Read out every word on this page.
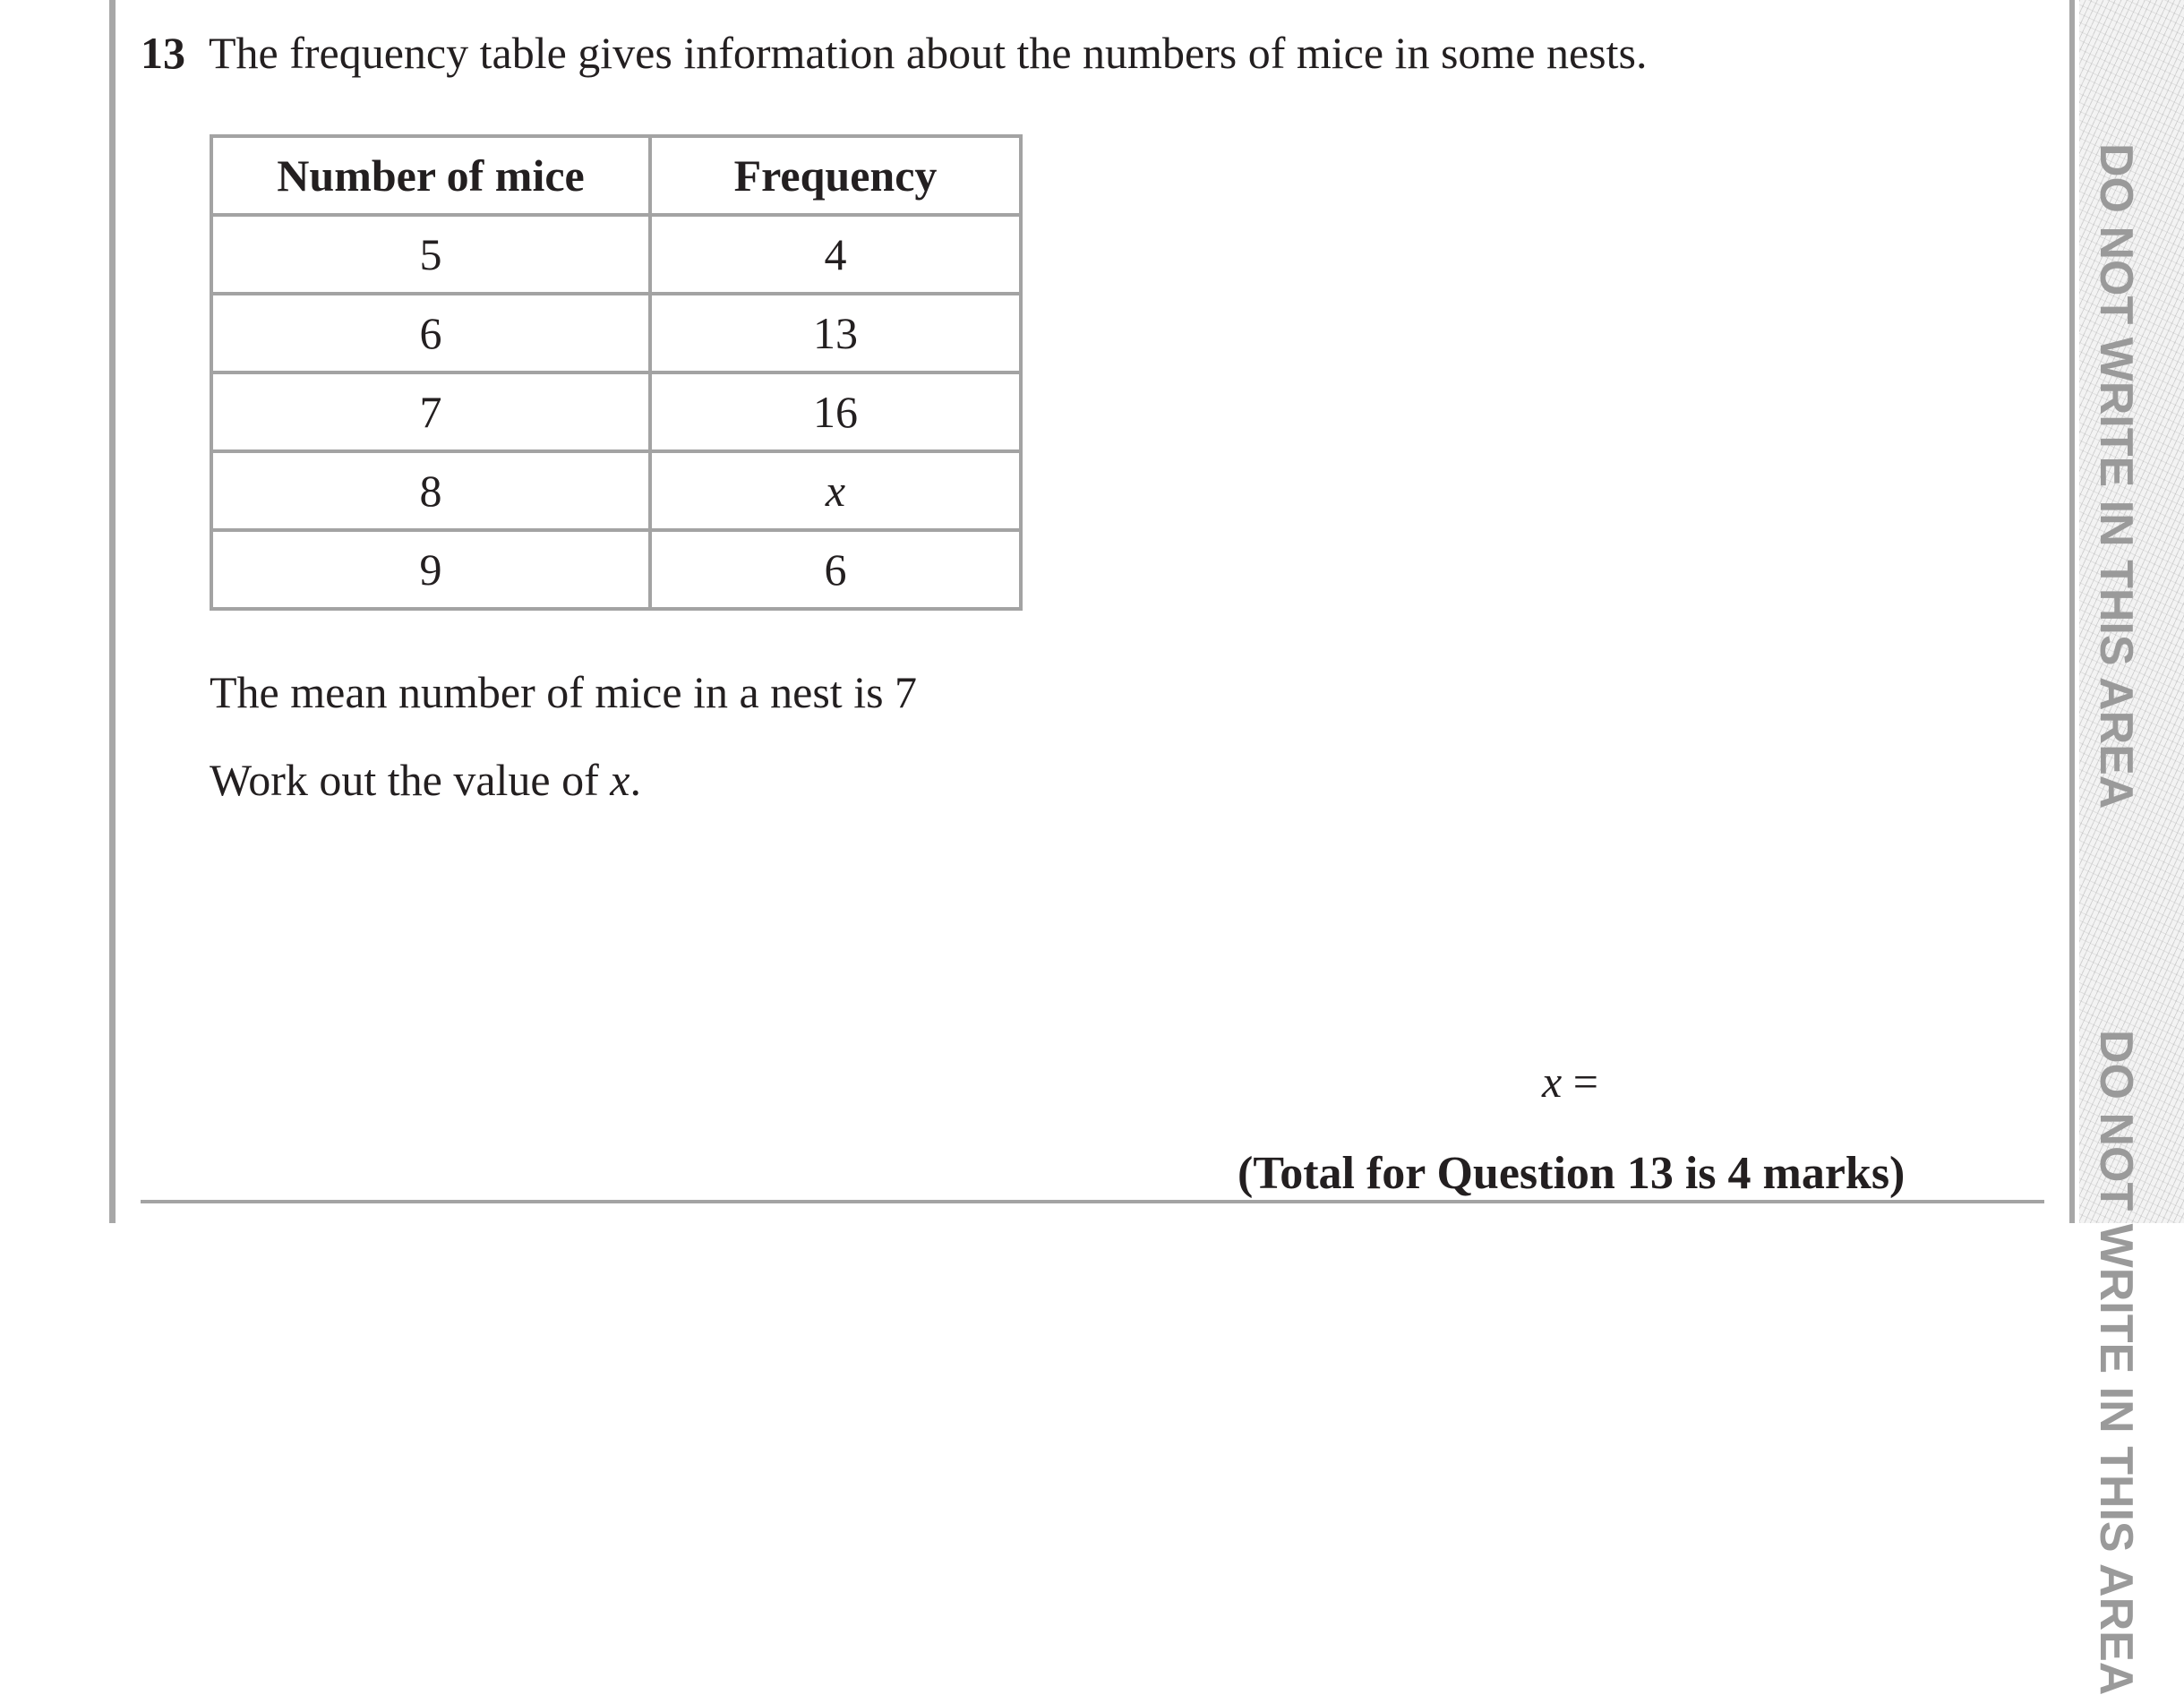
DO NOT WRITE IN THIS AREA
DO NOT WRITE IN THIS AREA
13 The frequency table gives information about the numbers of mice in some nests.
Number of mice	Frequency
5	4
6	13
7	16
8	x
9	6
The mean number of mice in a nest is 7
Work out the value of x.
x =
(Total for Question 13 is 4 marks)
